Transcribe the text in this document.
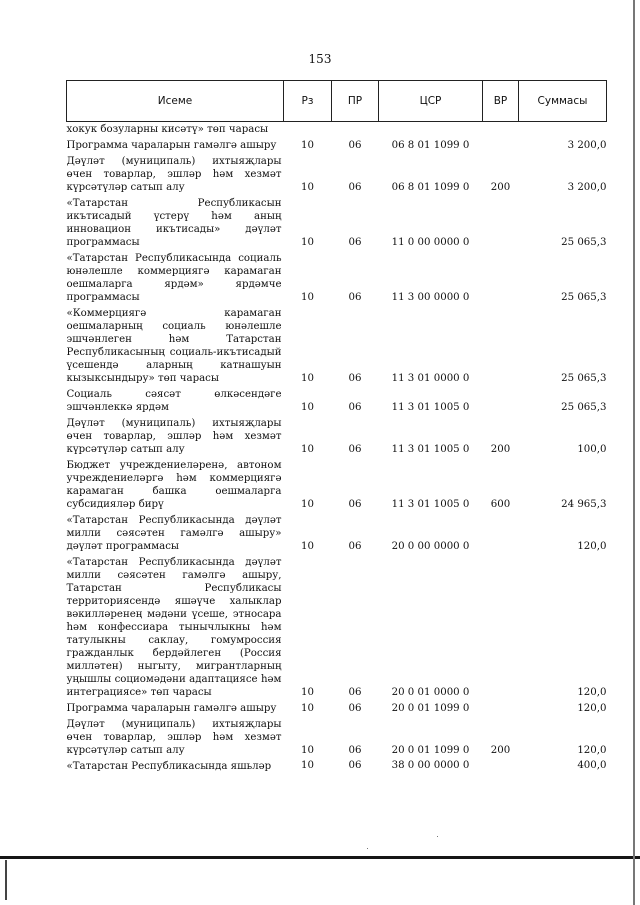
153
Исеме	Рз	ПР	ЦСР	ВР	Суммасы
хокук бозуларны кисәтү» төп чарасы					
Программа чараларын гамәлгә ашыру	10	06	06 8 01 1099 0		3 200,0
Дәүләт (муниципаль) ихтыяҗлары өчен товарлар, эшләр һәм хезмәт күрсәтүләр сатып алу	10	06	06 8 01 1099 0	200	3 200,0
«Татарстан Республикасын икътисадый үстерү һәм аның инновацион икътисады» дәүләт программасы	10	06	11 0 00 0000 0		25 065,3
«Татарстан Республикасында социаль юнәлешле коммерциягә карамаган оешмаларга ярдәм» ярдәмче программасы	10	06	11 3 00 0000 0		25 065,3
«Коммерциягә карамаган оешмаларның социаль юнәлешле эшчәнлеген һәм Татарстан Республикасының социаль-икътисадый үсешендә аларның катнашуын кызыксындыру» төп чарасы	10	06	11 3 01 0000 0		25 065,3
Социаль сәясәт өлкәсендәге эшчәнлеккә ярдәм	10	06	11 3 01 1005 0		25 065,3
Дәүләт (муниципаль) ихтыяҗлары өчен товарлар, эшләр һәм хезмәт күрсәтүләр сатып алу	10	06	11 3 01 1005 0	200	100,0
Бюджет учреждениеләренә, автоном учреждениеләргә һәм коммерциягә карамаган башка оешмаларга субсидияләр бирү	10	06	11 3 01 1005 0	600	24 965,3
«Татарстан Республикасында дәүләт милли сәясәтен гамәлгә ашыру» дәүләт программасы	10	06	20 0 00 0000 0		120,0
«Татарстан Республикасында дәүләт милли сәясәтен гамәлгә ашыру, Татарстан Республикасы территориясендә яшәүче халыклар вәкилләренең мәдәни үсеше, этносара һәм конфессиара тынычлыкны һәм татулыкны саклау, гомумроссия гражданлык бердәйлеген (Россия милләтен) ныгыту, мигрантларның уңышлы социомәдәни адаптациясе һәм интеграциясе» төп чарасы	10	06	20 0 01 0000 0		120,0
Программа чараларын гамәлгә ашыру	10	06	20 0 01 1099 0		120,0
Дәүләт (муниципаль) ихтыяҗлары өчен товарлар, эшләр һәм хезмәт күрсәтүләр сатып алу	10	06	20 0 01 1099 0	200	120,0
«Татарстан Республикасында яшьләр	10	06	38 0 00 0000 0		400,0
